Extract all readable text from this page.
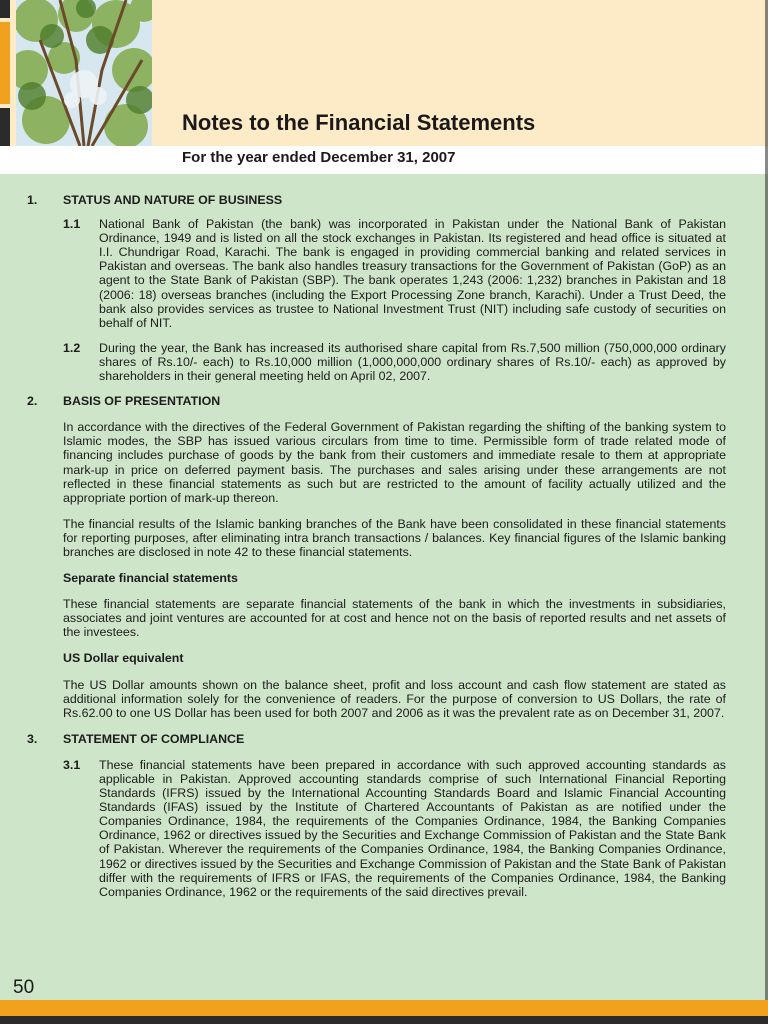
Notes to the Financial Statements
For the year ended December 31, 2007
1. STATUS AND NATURE OF BUSINESS
1.1 National Bank of Pakistan (the bank) was incorporated in Pakistan under the National Bank of Pakistan Ordinance, 1949 and is listed on all the stock exchanges in Pakistan. Its registered and head office is situated at I.I. Chundrigar Road, Karachi. The bank is engaged in providing commercial banking and related services in Pakistan and overseas. The bank also handles treasury transactions for the Government of Pakistan (GoP) as an agent to the State Bank of Pakistan (SBP). The bank operates 1,243 (2006: 1,232) branches in Pakistan and 18 (2006: 18) overseas branches (including the Export Processing Zone branch, Karachi). Under a Trust Deed, the bank also provides services as trustee to National Investment Trust (NIT) including safe custody of securities on behalf of NIT.
1.2 During the year, the Bank has increased its authorised share capital from Rs.7,500 million (750,000,000 ordinary shares of Rs.10/- each) to Rs.10,000 million (1,000,000,000 ordinary shares of Rs.10/- each) as approved by shareholders in their general meeting held on April 02, 2007.
2. BASIS OF PRESENTATION
In accordance with the directives of the Federal Government of Pakistan regarding the shifting of the banking system to Islamic modes, the SBP has issued various circulars from time to time. Permissible form of trade related mode of financing includes purchase of goods by the bank from their customers and immediate resale to them at appropriate mark-up in price on deferred payment basis. The purchases and sales arising under these arrangements are not reflected in these financial statements as such but are restricted to the amount of facility actually utilized and the appropriate portion of mark-up thereon.
The financial results of the Islamic banking branches of the Bank have been consolidated in these financial statements for reporting purposes, after eliminating intra branch transactions / balances. Key financial figures of the Islamic banking branches are disclosed in note 42 to these financial statements.
Separate financial statements
These financial statements are separate financial statements of the bank in which the investments in subsidiaries, associates and joint ventures are accounted for at cost and hence not on the basis of reported results and net assets of the investees.
US Dollar equivalent
The US Dollar amounts shown on the balance sheet, profit and loss account and cash flow statement are stated as additional information solely for the convenience of readers. For the purpose of conversion to US Dollars, the rate of Rs.62.00 to one US Dollar has been used for both 2007 and 2006 as it was the prevalent rate as on December 31, 2007.
3. STATEMENT OF COMPLIANCE
3.1 These financial statements have been prepared in accordance with such approved accounting standards as applicable in Pakistan. Approved accounting standards comprise of such International Financial Reporting Standards (IFRS) issued by the International Accounting Standards Board and Islamic Financial Accounting Standards (IFAS) issued by the Institute of Chartered Accountants of Pakistan as are notified under the Companies Ordinance, 1984, the requirements of the Companies Ordinance, 1984, the Banking Companies Ordinance, 1962 or directives issued by the Securities and Exchange Commission of Pakistan and the State Bank of Pakistan. Wherever the requirements of the Companies Ordinance, 1984, the Banking Companies Ordinance, 1962 or directives issued by the Securities and Exchange Commission of Pakistan and the State Bank of Pakistan differ with the requirements of IFRS or IFAS, the requirements of the Companies Ordinance, 1984, the Banking Companies Ordinance, 1962 or the requirements of the said directives prevail.
50
